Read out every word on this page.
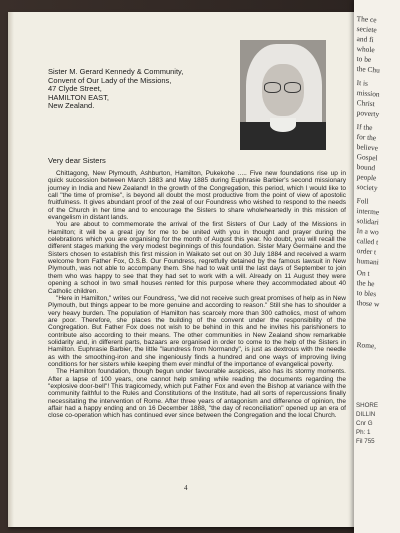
Sister M. Gerard Kennedy & Community,
Convent of Our Lady of the Missions,
47 Clyde Street,
HAMILTON EAST,
New Zealand.
Very dear Sisters

Chittagong, New Plymouth, Ashburton, Hamilton, Pukekohe ..... Five new foundations rise up in quick succession between March 1883 and May 1885 during Euphrasie Barbier's second missionary journey in India and New Zealand! In the growth of the Congregation, this period, which I would like to call "the time of promise", is beyond all doubt the most productive from the point of view of apostolic fruitfulness. It gives abundant proof of the zeal of our Foundress who wished to respond to the needs of the Church in her time and to encourage the Sisters to share wholeheartedly in this mission of evangelism in distant lands.

You are about to commemorate the arrival of the first Sisters of Our Lady of the Missions in Hamilton; it will be a great joy for me to be united with you in thought and prayer during the celebrations which you are organising for the month of August this year. No doubt, you will recall the different stages marking the very modest beginnings of this foundation. Sister Mary Germaine and the Sisters chosen to establish this first mission in Waikato set out on 30 July 1884 and received a warm welcome from Father Fox, O.S.B. Our Foundress, regretfully detained by the famous lawsuit in New Plymouth, was not able to accompany them. She had to wait until the last days of September to join them who was happy to see that they had set to work with a will. Already on 11 August they were opening a school in two small houses rented for this purpose where they accommodated about 40 Catholic children.

"Here in Hamilton," writes our Foundress, "we did not receive such great promises of help as in New Plymouth, but things appear to be more genuine and according to reason." Still she has to shoulder a very heavy burden. The population of Hamilton has scarcely more than 300 catholics, most of whom are poor. Therefore, she places the building of the convent under the responsibility of the Congregation. But Father Fox does not wish to be behind in this and he invites his parishioners to contribute also according to their means. The other communities in New Zealand show remarkable solidarity and, in different parts, bazaars are organised in order to come to the help of the Sisters in Hamilton. Euphrasie Barbier, the little "laundress from Normandy", is just as dextrous with the needle as with the smoothing-iron and she ingeniously finds a hundred and one ways of improving living conditions for her sisters while keeping them ever mindful of the importance of evangelical poverty.

The Hamilton foundation, though begun under favourable auspices, also has its stormy moments. After a lapse of 100 years, one cannot help smiling while reading the documents regarding the "explosive door-bell"! This tragicomedy, which put Father Fox and even the Bishop at variance with the community faithful to the Rules and Constitutions of the Institute, had all sorts of repercussions finally necessitating the intervention of Rome. After three years of antagonism and difference of opinion, the affair had a happy ending and on 16 December 1888, "the day of reconciliation" opened up an era of close co-operation which has continued ever since between the Congregation and the local Church.

4
The ce
seciete
and fi
whole
to be
the Chu
It is
mission
Christ
poverty
If the
for the
believe
Gospel
bound
people
society
Foll
interme
solidari
In a wo
called t
order t
humani
On t
the he
to bles
those w
Rome,
SHORE
DILLIN
Cnr G
Ph: 1
Fil 755
